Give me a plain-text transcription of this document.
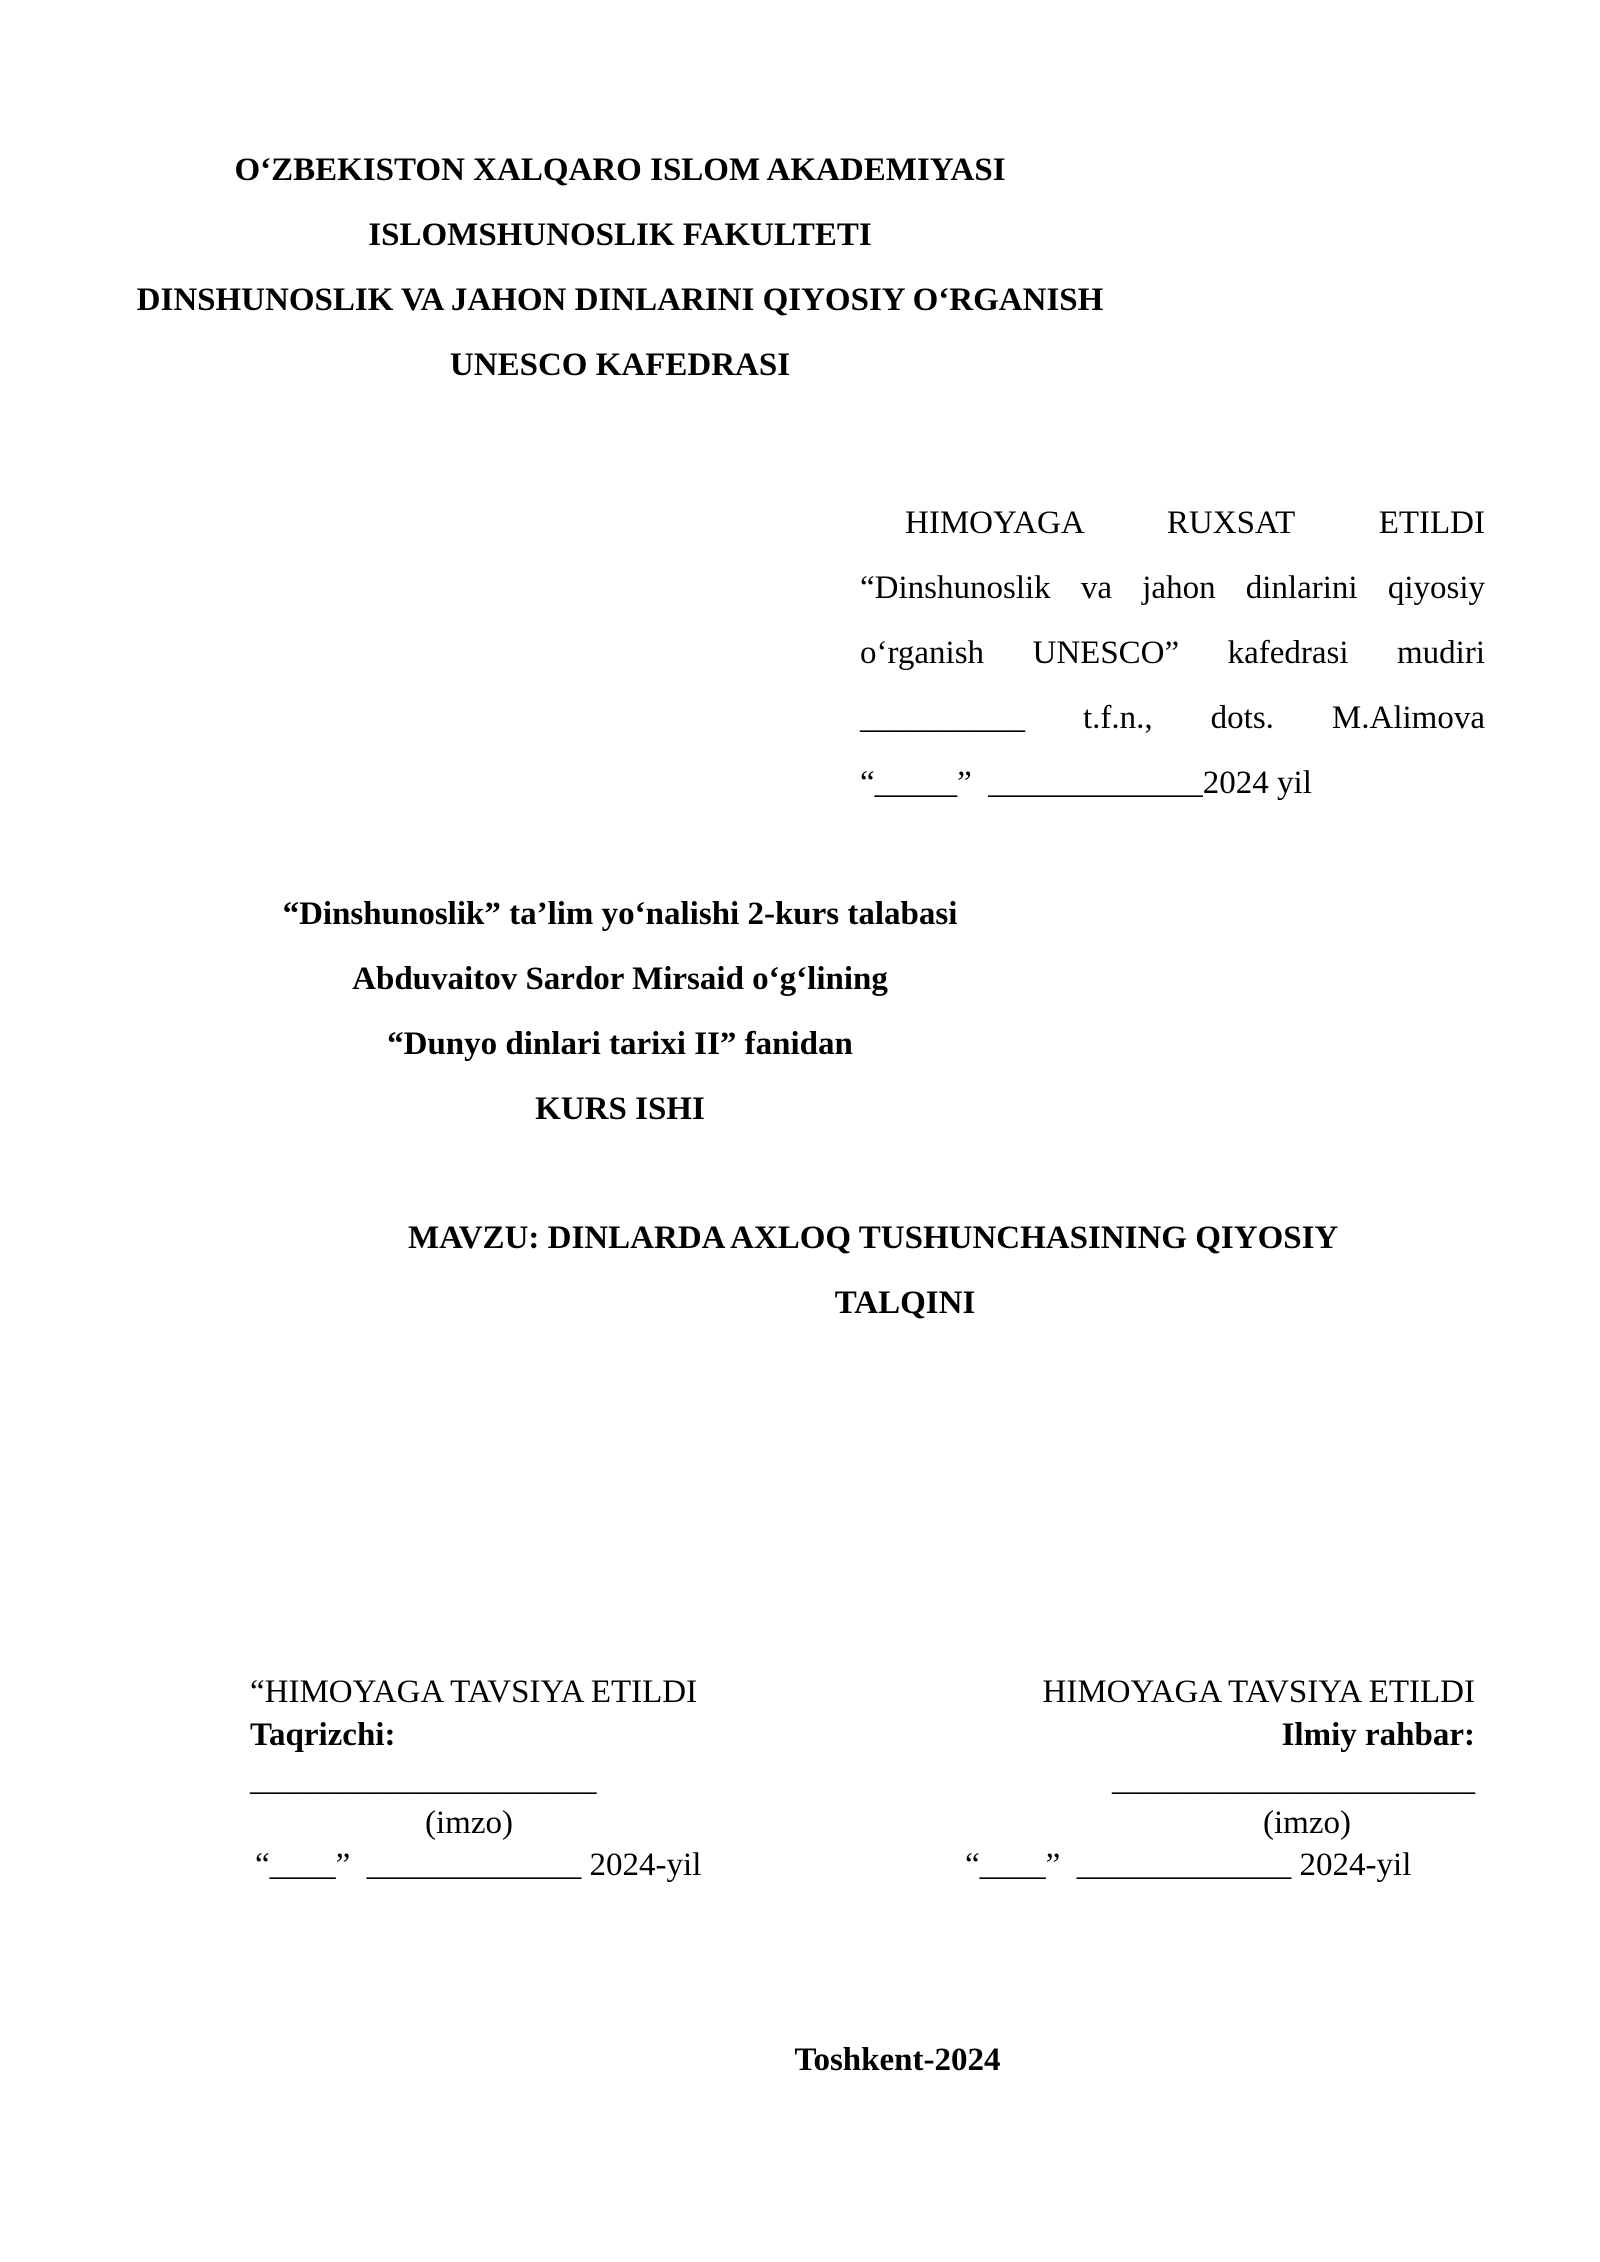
O‘ZBEKISTON XALQARO ISLOM AKADEMIYASI

ISLOMSHUNOSLIK FAKULTETI

DINSHUNOSLIK VA JAHON DINLARINI QIYOSIY O‘RGANISH

UNESCO KAFEDRASI

HIMOYAGA RUXSAT ETILDI

“Dinshunoslik va jahon dinlarini qiyosiy

o‘rganish UNESCO” kafedrasi mudiri

__________ t.f.n., dots. M.Alimova

“_____”  _____________2024 yil

“Dinshunoslik” ta’lim yo‘nalishi 2-kurs talabasi

Abduvaitov Sardor Mirsaid o‘g‘lining

“Dunyo dinlari tarixi II” fanidan

KURS ISHI

MAVZU: DINLARDA AXLOQ TUSHUNCHASINING QIYOSIY

TALQINI

“HIMOYAGA TAVSIYA ETILDI

Taqrizchi:

_____________________

(imzo)

“____”  _____________ 2024-yil

HIMOYAGA TAVSIYA ETILDI

Ilmiy rahbar:

______________________

(imzo)

“____”  _____________ 2024-yil

Toshkent-2024
